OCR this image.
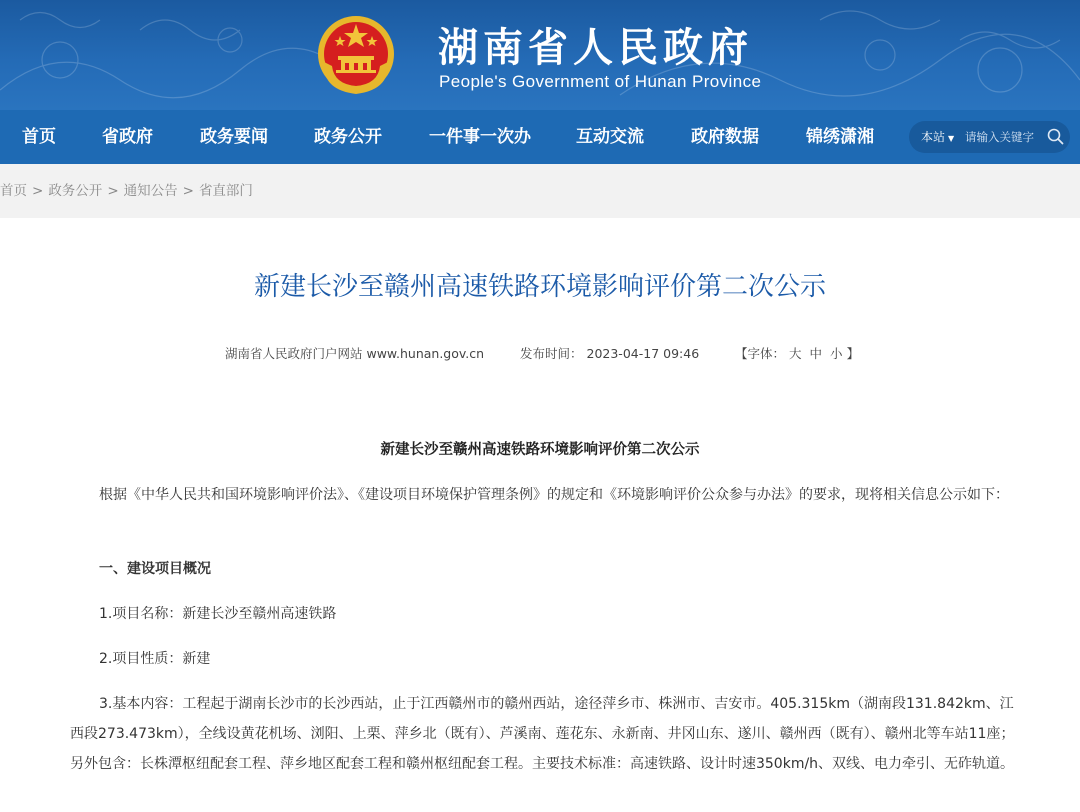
湖南省人民政府
People's Government of Hunan Province
首页	省政府	政务要闻	政务公开	一件事一次办	互动交流	政府数据	锦绣潇湘	本站 ▼
请输入关键字
首页 > 政务公开 > 通知公告 > 省直部门
新建长沙至赣州高速铁路环境影响评价第二次公示
湖南省人民政府门户网站 www.hunan.gov.cn	发布时间： 2023-04-17 09:46	【字体： 大 中 小 】
新建长沙至赣州高速铁路环境影响评价第二次公示

根据《中华人民共和国环境影响评价法》、《建设项目环境保护管理条例》的规定和《环境影响评价公众参与办法》的要求，现将相关信息公示如下：

一、建设项目概况

1.项目名称：新建长沙至赣州高速铁路

2.项目性质：新建

3.基本内容：工程起于湖南长沙市的长沙西站，止于江西赣州市的赣州西站，途径萍乡市、株洲市、吉安市。405.315km（湖南段131.842km、江西段273.473km），全线设黄花机场、浏阳、上栗、萍乡北（既有）、芦溪南、莲花东、永新南、井冈山东、遂川、赣州西（既有）、赣州北等车站11座；另外包含：长株潭枢纽配套工程、萍乡地区配套工程和赣州枢纽配套工程。主要技术标准：高速铁路、设计时速350km/h、双线、电力牵引、无砟轨道。
